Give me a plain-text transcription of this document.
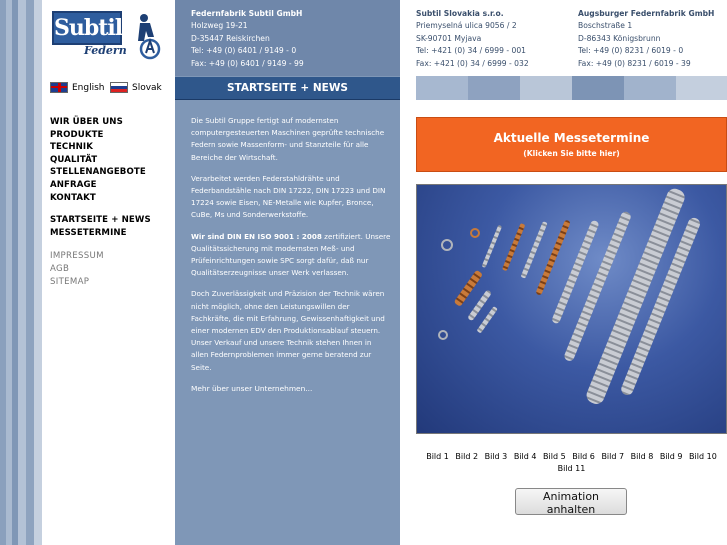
Subtil
Federn
English	Slovak
WIR ÜBER UNS
PRODUKTE
TECHNIK
QUALITÄT
STELLENANGEBOTE
ANFRAGE
KONTAKT
STARTSEITE + NEWS
MESSETERMINE
IMPRESSUM
AGB
SITEMAP
Federnfabrik Subtil GmbH
Holzweg 19-21
D-35447 Reiskirchen
Tel: +49 (0) 6401 / 9149 - 0
Fax: +49 (0) 6401 / 9149 - 99
STARTSEITE + NEWS

Die Subtil Gruppe fertigt auf modernsten computergesteuerten Maschinen geprüfte technische Federn sowie Massenform- und Stanzteile für alle Bereiche der Wirtschaft.

Verarbeitet werden Federstahldrähte und Federbandstähle nach DIN 17222, DIN 17223 und DIN 17224 sowie Eisen, NE-Metalle wie Kupfer, Bronce, CuBe, Ms und Sonderwerkstoffe.

Wir sind DIN EN ISO 9001 : 2008 zertifiziert. Unsere Qualitätssicherung mit modernsten Meß- und Prüfeinrichtungen sowie SPC sorgt dafür, daß nur Qualitätserzeugnisse unser Werk verlassen.

Doch Zuverlässigkeit und Präzision der Technik wären nicht möglich, ohne den Leistungswillen der Fachkräfte, die mit Erfahrung, Gewissenhaftigkeit und einer modernen EDV den Produktionsablauf steuern. Unser Verkauf und unsere Technik stehen Ihnen in allen Federnproblemen immer gerne beratend zur Seite.

Mehr über unser Unternehmen...
Subtil Slovakia s.r.o.
Priemyselná ulica 9056 / 2
SK-90701 Myjava
Tel: +421 (0) 34 / 6999 - 001
Fax: +421 (0) 34 / 6999 - 032
Augsburger Federnfabrik GmbH
Boschstraße 1
D-86343 Königsbrunn
Tel: +49 (0) 8231 / 6019 - 0
Fax: +49 (0) 8231 / 6019 - 39
Aktuelle Messetermine
(Klicken Sie bitte hier)
Bild 1 Bild 2 Bild 3 Bild 4 Bild 5 Bild 6 Bild 7 Bild 8 Bild 9 Bild 10 Bild 11
Animation anhalten
